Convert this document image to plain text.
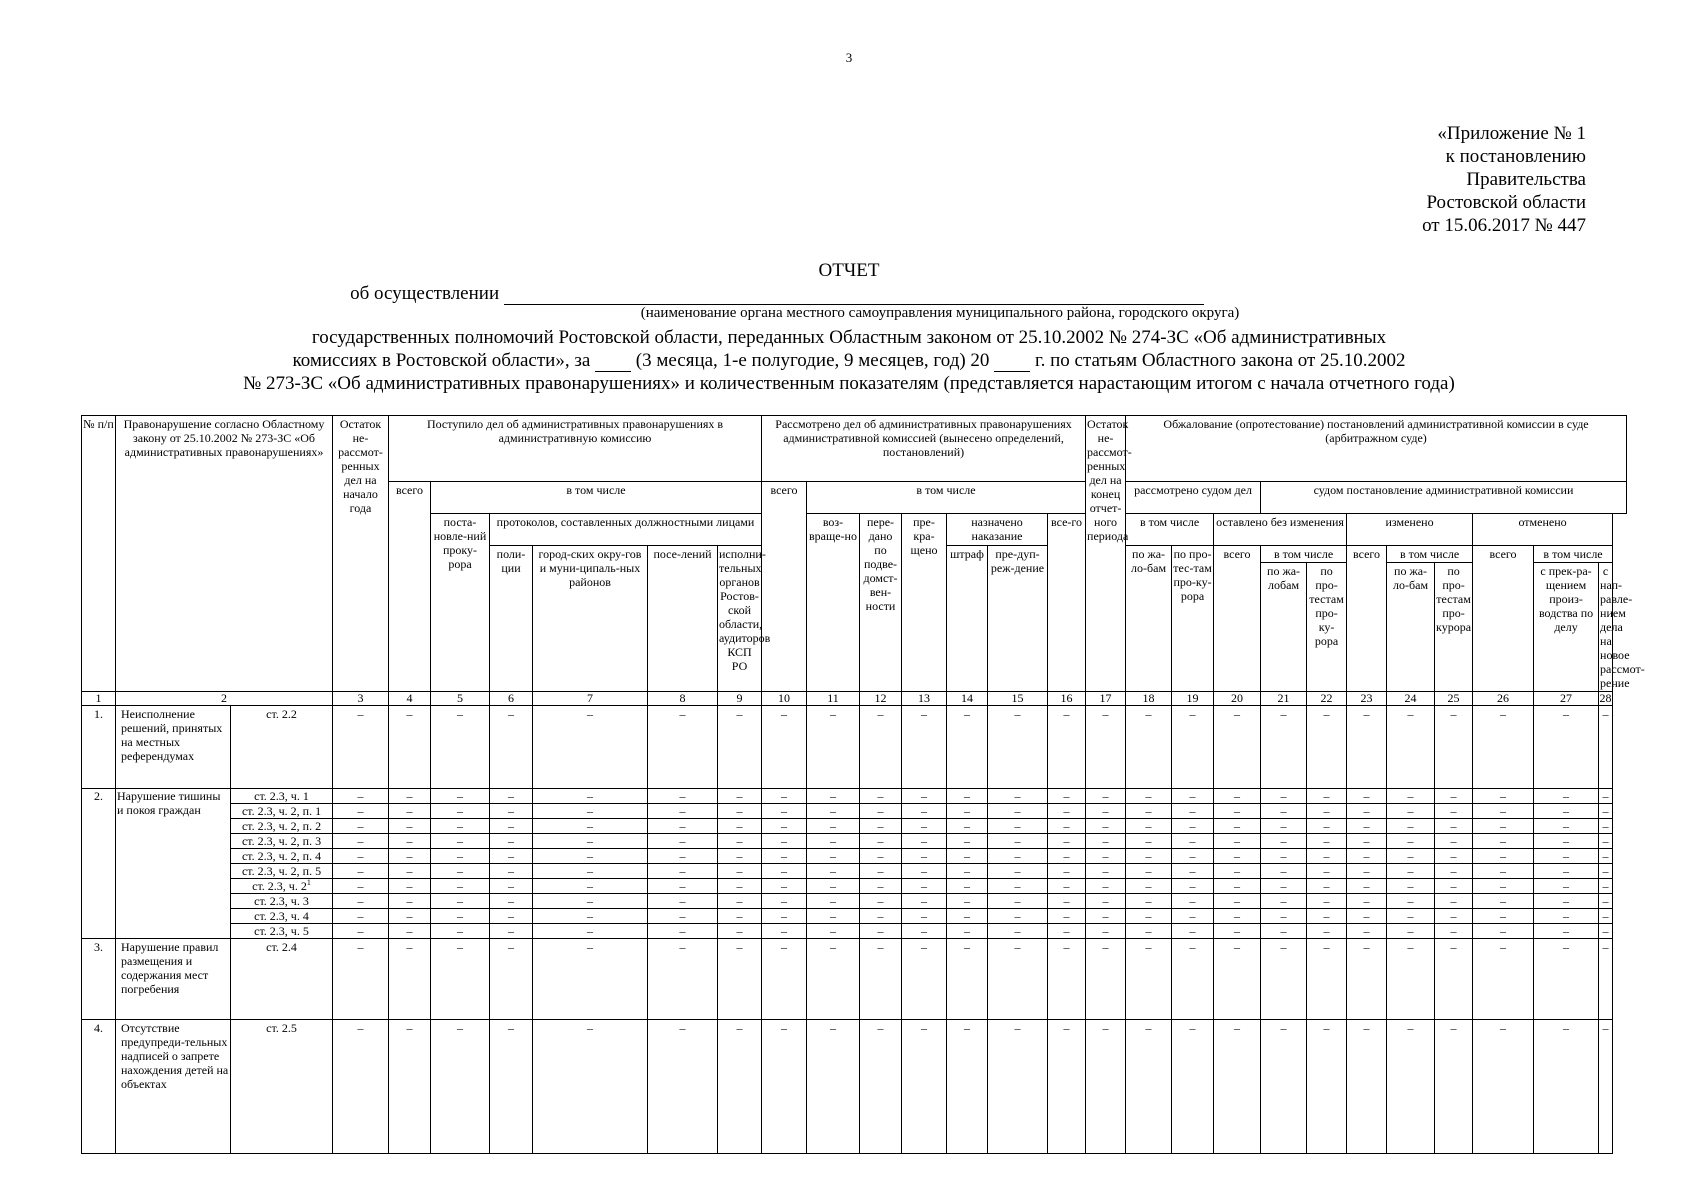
3
«Приложение № 1
к постановлению
Правительства
Ростовской области
от 15.06.2017 № 447
ОТЧЕТ
об осуществлении
(наименование органа местного самоуправления муниципального района, городского округа)
государственных полномочий Ростовской области, переданных Областным законом от 25.10.2002 № 274-ЗС «Об административных
комиссиях в Ростовской области», за (3 месяца, 1-е полугодие, 9 месяцев, год) 20 г. по статьям Областного закона от 25.10.2002
№ 273-ЗС «Об административных правонарушениях» и количественным показателям (представляется нарастающим итогом с начала отчетного года)
№ п/п	Правонарушение согласно Областному закону от 25.10.2002 № 273-ЗС «Об административных правонарушениях»		Остаток не-рассмот-ренных дел на начало года	Поступило дел об административных правонарушениях в административную комиссию						Рассмотрено дел об административных правонарушениях административной комиссией (вынесено определений, постановлений)							Остаток не-рассмот-ренных дел на конец отчет-ного периода	Обжалование (опротестование) постановлений административной комиссии в суде (арбитражном суде)										
				всего	в том числе					всего	в том числе							рассмотрено судом дел			судом постановление административной комиссии							
					поста-новле-ний проку-рора	протоколов, составленных должностными лицами					воз-враще-но	пере-дано по подве-домст-вен-ности	пре-кра-щено	назначено наказание		все-го		в том числе		оставлено без изменения			изменено			отменено		
						поли-ции	город-ских окру-гов и муни-ципаль-ных районов	посе-лений	исполни-тельных органов Ростов-ской области, аудиторов КСП РО					штраф	пре-дуп-реж-дение			по жа-ло-бам	по про-тес-там про-ку-рора	всего	в том числе		всего	в том числе		всего	в том числе	
																					по жа-лобам	по про-тестам про-ку-рора		по жа-ло-бам	по про-тестам про-курора		с прек-ра-щением произ-водства по делу	с нап-равле-нием дела на новое рассмот-рение
1	2		3	4	5	6	7	8	9	10	11	12	13	14	15	16	17	18	19	20	21	22	23	24	25	26	27	28
1.	Неисполнение решений, принятых на местных референдумах	ст. 2.2	–	–	–	–	–	–	–	–	–	–	–	–	–	–	–	–	–	–	–	–	–	–	–	–	–	–
2.	Нарушение тишины и покоя граждан	ст. 2.3, ч. 1	–	–	–	–	–	–	–	–	–	–	–	–	–	–	–	–	–	–	–	–	–	–	–	–	–	–
		ст. 2.3, ч. 2, п. 1	–	–	–	–	–	–	–	–	–	–	–	–	–	–	–	–	–	–	–	–	–	–	–	–	–	–
		ст. 2.3, ч. 2, п. 2	–	–	–	–	–	–	–	–	–	–	–	–	–	–	–	–	–	–	–	–	–	–	–	–	–	–
		ст. 2.3, ч. 2, п. 3	–	–	–	–	–	–	–	–	–	–	–	–	–	–	–	–	–	–	–	–	–	–	–	–	–	–
		ст. 2.3, ч. 2, п. 4	–	–	–	–	–	–	–	–	–	–	–	–	–	–	–	–	–	–	–	–	–	–	–	–	–	–
		ст. 2.3, ч. 2, п. 5	–	–	–	–	–	–	–	–	–	–	–	–	–	–	–	–	–	–	–	–	–	–	–	–	–	–
		ст. 2.3, ч. $2^1$	–	–	–	–	–	–	–	–	–	–	–	–	–	–	–	–	–	–	–	–	–	–	–	–	–	–
		ст. 2.3, ч. 3	–	–	–	–	–	–	–	–	–	–	–	–	–	–	–	–	–	–	–	–	–	–	–	–	–	–
		ст. 2.3, ч. 4	–	–	–	–	–	–	–	–	–	–	–	–	–	–	–	–	–	–	–	–	–	–	–	–	–	–
		ст. 2.3, ч. 5	–	–	–	–	–	–	–	–	–	–	–	–	–	–	–	–	–	–	–	–	–	–	–	–	–	–
3.	Нарушение правил размещения и содержания мест погребения	ст. 2.4	–	–	–	–	–	–	–	–	–	–	–	–	–	–	–	–	–	–	–	–	–	–	–	–	–	–
4.	Отсутствие предупреди-тельных надписей о запрете нахождения детей на объектах	ст. 2.5	–	–	–	–	–	–	–	–	–	–	–	–	–	–	–	–	–	–	–	–	–	–	–	–	–	–
